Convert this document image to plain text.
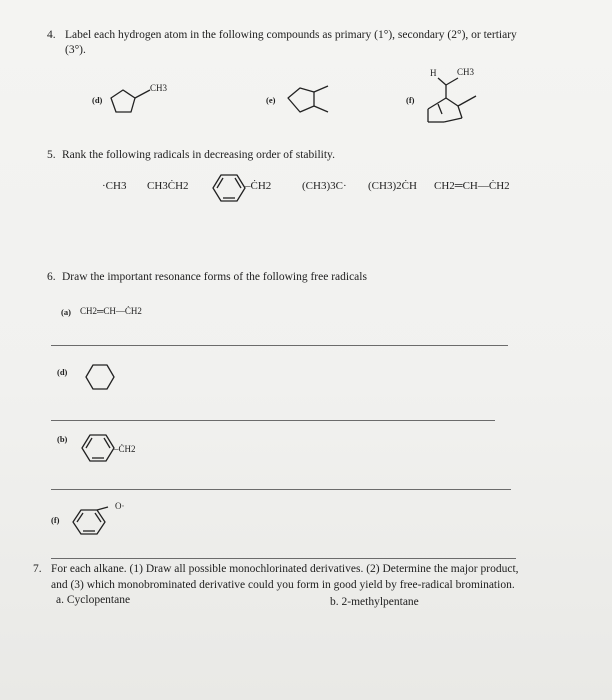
4. Label each hydrogen atom in the following compounds as primary (1°), secondary (2°), or tertiary
(3°).
(d)
CH3
(e)	(f)
H CH3
5. Rank the following radicals in decreasing order of stability.
·CH3 CH3ĊH2	–ĊH2	(CH3)3C· (CH3)2ĊH CH2═CH—ĊH2
6. Draw the important resonance forms of the following free radicals
(a) CH2═CH—ĊH2
(d)
(b)
–ĊH2
(f)
O·
7. For each alkane. (1) Draw all possible monochlorinated derivatives. (2) Determine the major product,
and (3) which monobrominated derivative could you form in good yield by free-radical bromination.
a. Cyclopentane	b. 2-methylpentane
